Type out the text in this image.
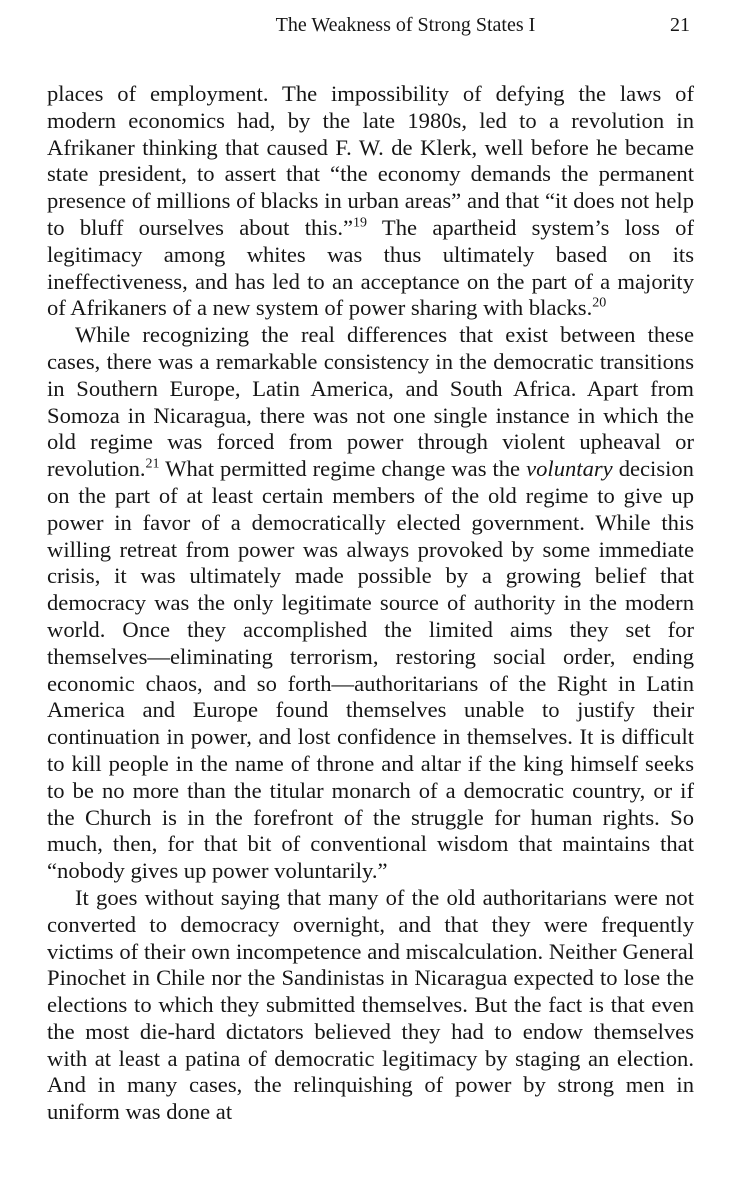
The Weakness of Strong States I	21

places of employment. The impossibility of defying the laws of modern economics had, by the late 1980s, led to a revolution in Afrikaner thinking that caused F. W. de Klerk, well before he became state president, to assert that “the economy demands the permanent presence of millions of blacks in urban areas” and that “it does not help to bluff ourselves about this.”$^{19}$ The apartheid system’s loss of legitimacy among whites was thus ultimately based on its ineffectiveness, and has led to an acceptance on the part of a majority of Afrikaners of a new system of power sharing with blacks.$^{20}$

While recognizing the real differences that exist between these cases, there was a remarkable consistency in the democratic transitions in Southern Europe, Latin America, and South Africa. Apart from Somoza in Nicaragua, there was not one single instance in which the old regime was forced from power through violent upheaval or revolution.$^{21}$ What permitted regime change was the voluntary decision on the part of at least certain members of the old regime to give up power in favor of a democratically elected government. While this willing retreat from power was always provoked by some immediate crisis, it was ultimately made possible by a growing belief that democracy was the only legitimate source of authority in the modern world. Once they accomplished the limited aims they set for themselves—eliminating terrorism, restoring social order, ending economic chaos, and so forth—authoritarians of the Right in Latin America and Europe found themselves unable to justify their continuation in power, and lost confidence in themselves. It is difficult to kill people in the name of throne and altar if the king himself seeks to be no more than the titular monarch of a democratic country, or if the Church is in the forefront of the struggle for human rights. So much, then, for that bit of conventional wisdom that maintains that “nobody gives up power voluntarily.”

It goes without saying that many of the old authoritarians were not converted to democracy overnight, and that they were frequently victims of their own incompetence and miscalculation. Neither General Pinochet in Chile nor the Sandinistas in Nicaragua expected to lose the elections to which they submitted themselves. But the fact is that even the most die-hard dictators believed they had to endow themselves with at least a patina of democratic legitimacy by staging an election. And in many cases, the relinquishing of power by strong men in uniform was done at
